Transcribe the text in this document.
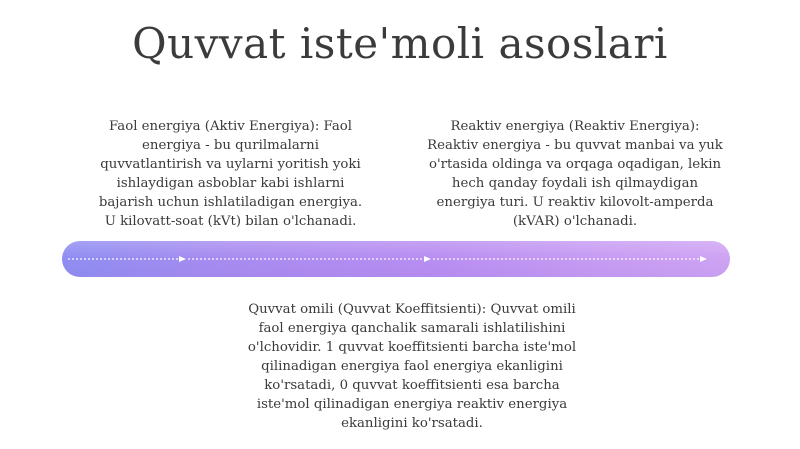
Quvvat iste'moli asoslari

Faol energiya (Aktiv Energiya): Faol
energiya - bu qurilmalarni
quvvatlantirish va uylarni yoritish yoki
ishlaydigan asboblar kabi ishlarni
bajarish uchun ishlatiladigan energiya.
U kilovatt-soat (kVt) bilan o'lchanadi.

Reaktiv energiya (Reaktiv Energiya):
Reaktiv energiya - bu quvvat manbai va yuk
o'rtasida oldinga va orqaga oqadigan, lekin
hech qanday foydali ish qilmaydigan
energiya turi. U reaktiv kilovolt-amperda
(kVAR) o'lchanadi.

Quvvat omili (Quvvat Koeffitsienti): Quvvat omili
faol energiya qanchalik samarali ishlatilishini
o'lchovidir. 1 quvvat koeffitsienti barcha iste'mol
qilinadigan energiya faol energiya ekanligini
ko'rsatadi, 0 quvvat koeffitsienti esa barcha
iste'mol qilinadigan energiya reaktiv energiya
ekanligini ko'rsatadi.
